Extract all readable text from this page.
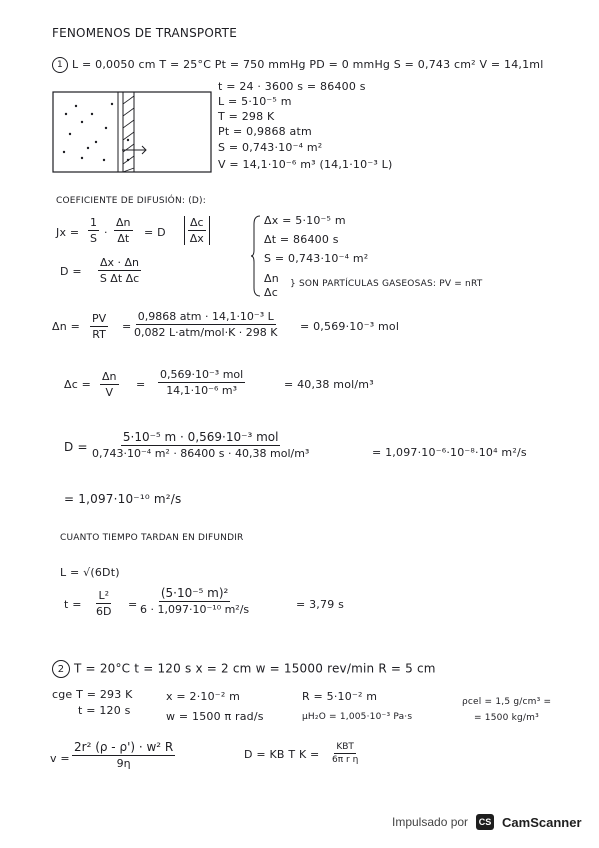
FENOMENOS DE TRANSPORTE
1 L = 0,0050 cm T = 25°C Pt = 750 mmHg PD = 0 mmHg S = 0,743 cm² V = 14,1ml
t = 24 · 3600 s = 86400 s
L = 5·10⁻⁵ m
T = 298 K
Pt = 0,9868 atm
S = 0,743·10⁻⁴ m²
V = 14,1·10⁻⁶ m³ (14,1·10⁻³ L)
COEFICIENTE DE DIFUSIÓN: (D):
$Jx = \frac{1}{S} \cdot \frac{\Delta n}{\Delta t} = D \frac{\Delta c}{\Delta x}$
$D = \frac{\Delta x \cdot \Delta n}{\text{S Δt Δc}}$
Δx = 5·10⁻⁵ m
Δt = 86400 s
S = 0,743·10⁻⁴ m²
Δn
Δc
} SON PARTÍCULAS GASEOSAS: PV = nRT
$\Delta n = \frac{PV}{RT}$ =
0,9868 atm · 14,1·10⁻³ L
0,082 L·atm/mol·K · 298 K = 0,569·10⁻³ mol
$\Delta c = \frac{\Delta n}{V}$ =
0,569·10⁻³ mol
14,1·10⁻⁶ m³	= 40,38 mol/m³
D =
5·10⁻⁵ m · 0,569·10⁻³ mol
0,743·10⁻⁴ m² · 86400 s · 40,38 mol/m³	= 1,097·10⁻⁶·10⁻⁸·10⁴ m²/s
= 1,097·10⁻¹⁰ m²/s
CUANTO TIEMPO TARDAN EN DIFUNDIR
L = √(6Dt)
$t = \frac{\text{L²}}{6D} = \frac{\text{(5·10⁻⁵ m)²}}{\text{6 · 1,097·10⁻¹⁰ m²/s}}$	= 3,79 s
2 T = 20°C t = 120 s x = 2 cm w = 15000 rev/min R = 5 cm
cge T = 293 K
t = 120 s
x = 2·10⁻² m
w = 1500 π rad/s
R = 5·10⁻² m
μH₂O = 1,005·10⁻³ Pa·s
ρcel = 1,5 g/cm³ =
= 1500 kg/m³
$v = \frac{\text{2r² (ρ - ρ') · w² R}}{9\eta}$	D = KB T K =
KBT
6π r η
Impulsado por	CS CamScanner
